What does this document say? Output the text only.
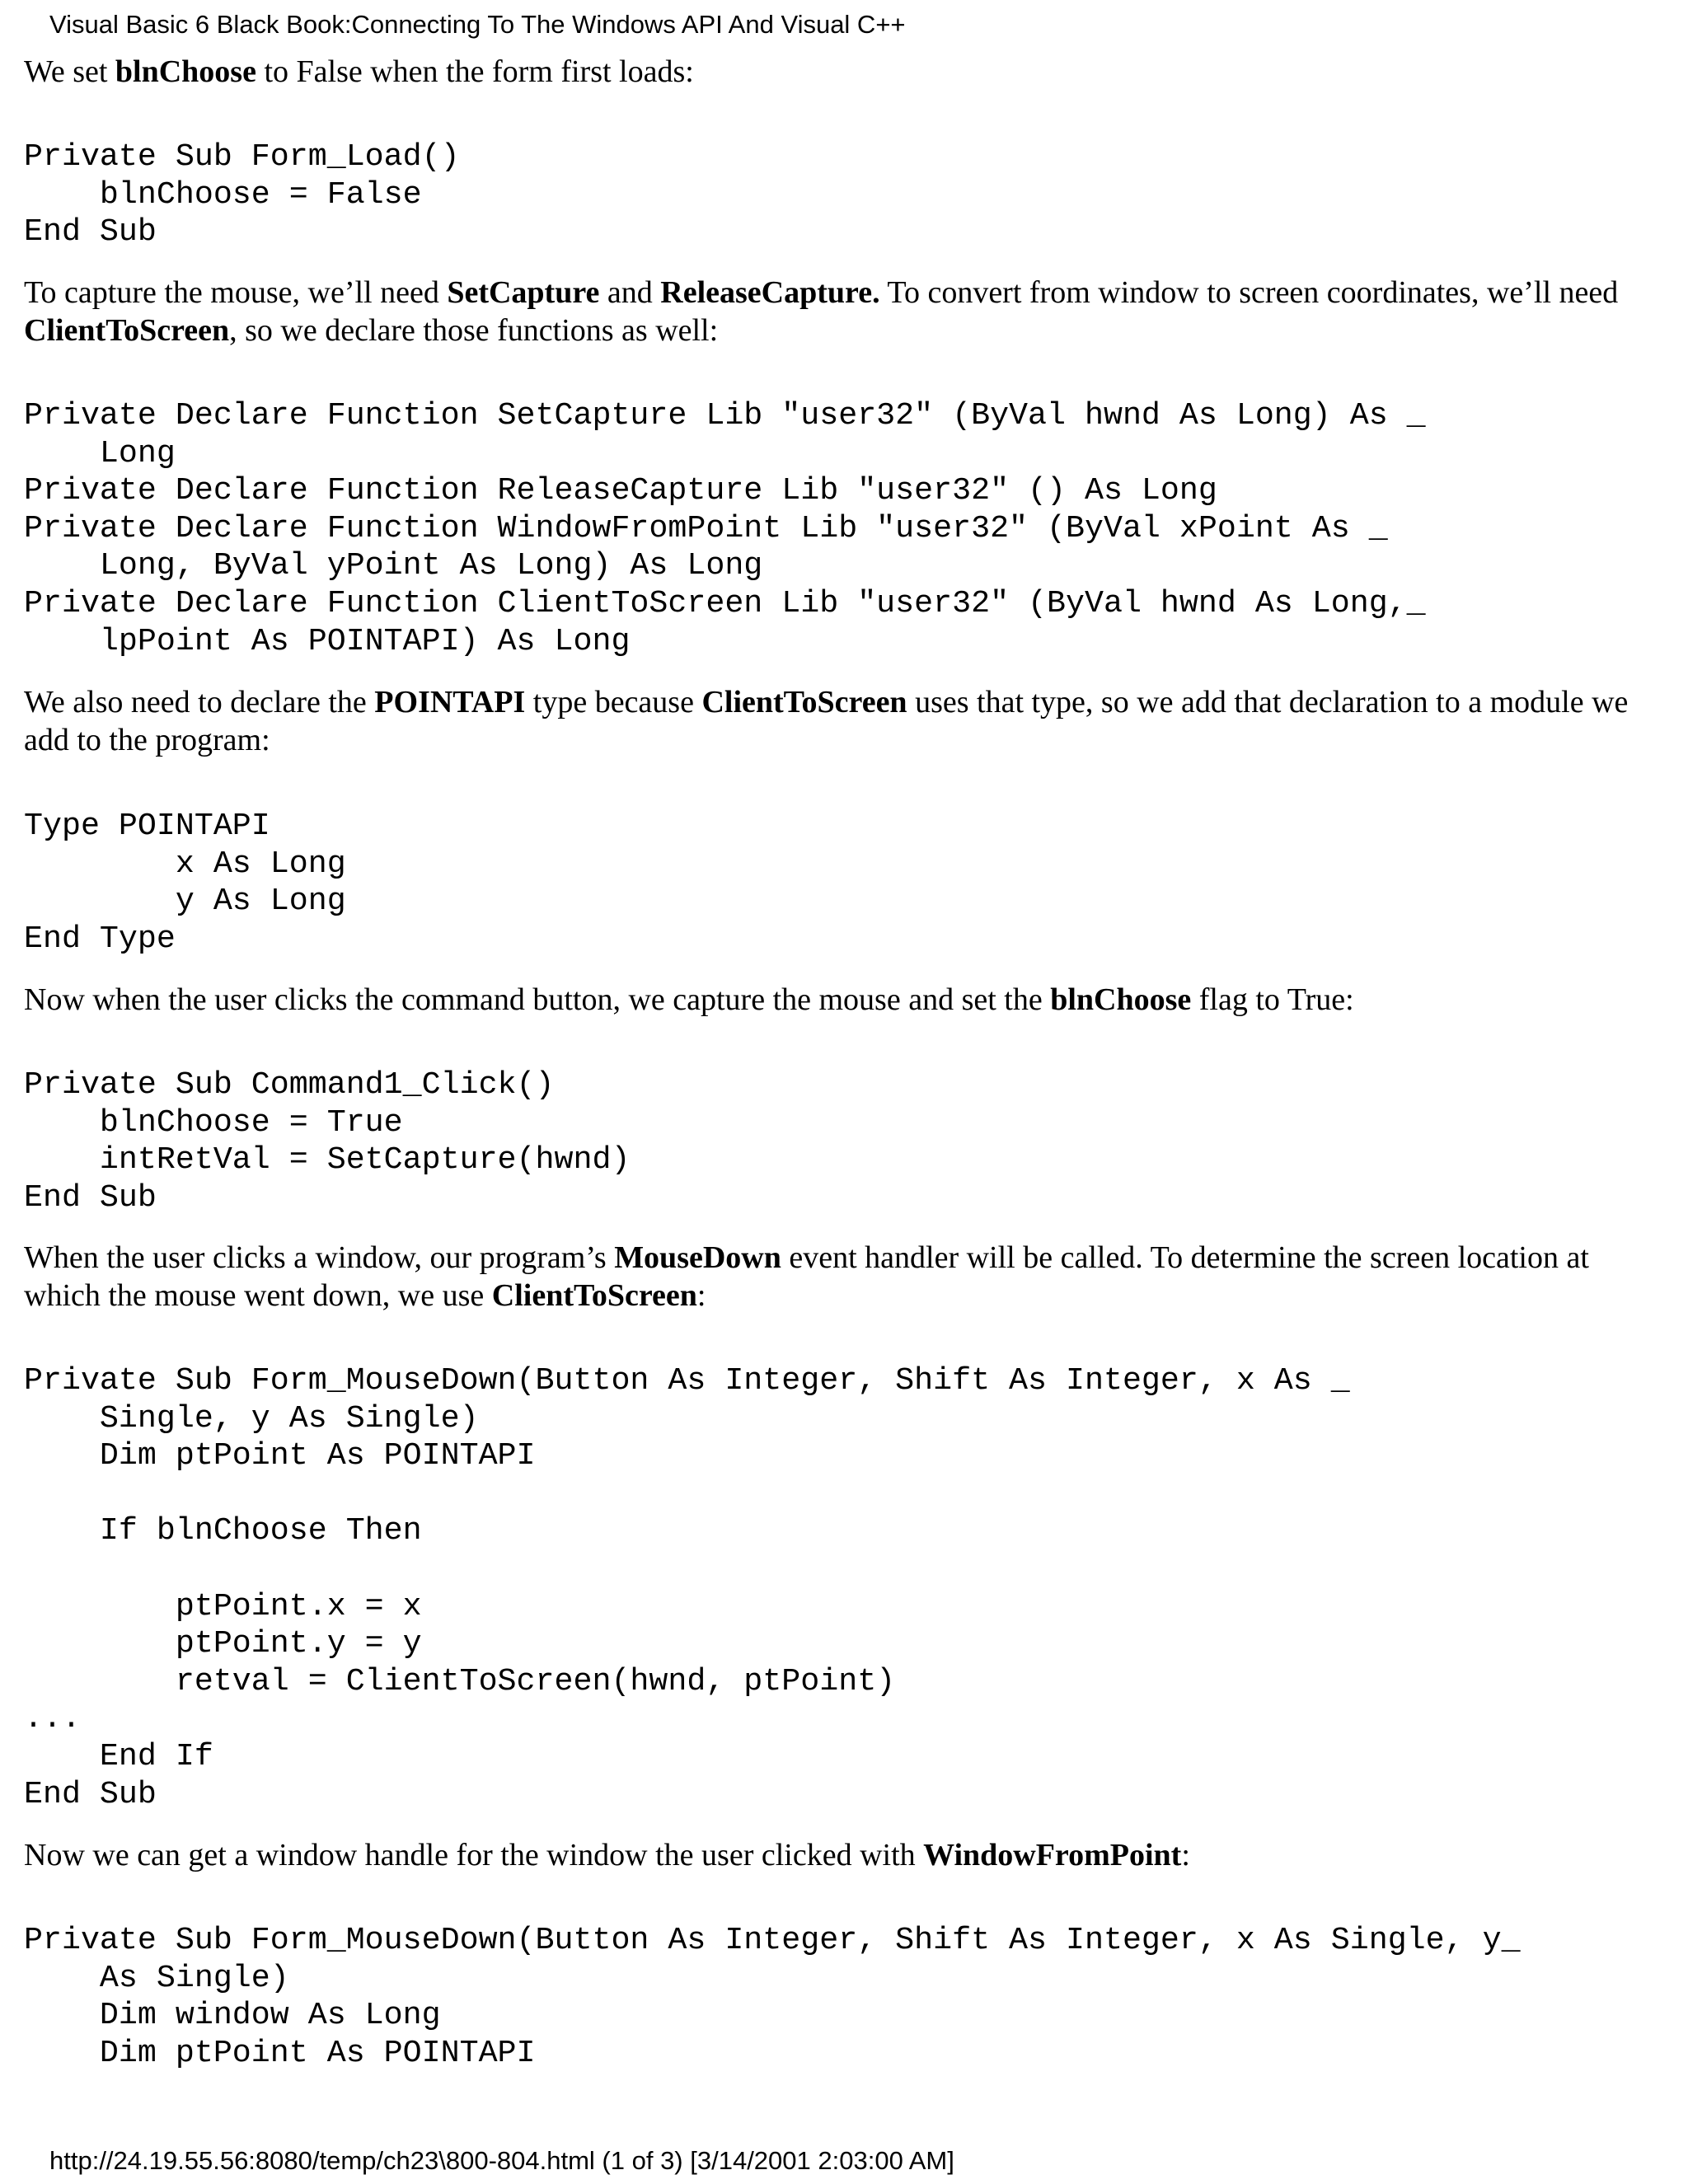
Visual Basic 6 Black Book:Connecting To The Windows API And Visual C++
We set blnChoose to False when the form first loads:
Private Sub Form_Load()
blnChoose = False
End Sub
To capture the mouse, we’ll need SetCapture and ReleaseCapture. To convert from window to screen coordinates, we’ll need ClientToScreen, so we declare those functions as well:
Private Declare Function SetCapture Lib "user32" (ByVal hwnd As Long) As _
Long
Private Declare Function ReleaseCapture Lib "user32" () As Long
Private Declare Function WindowFromPoint Lib "user32" (ByVal xPoint As _
Long, ByVal yPoint As Long) As Long
Private Declare Function ClientToScreen Lib "user32" (ByVal hwnd As Long,_
lpPoint As POINTAPI) As Long
We also need to declare the POINTAPI type because ClientToScreen uses that type, so we add that declaration to a module we add to the program:
Type POINTAPI
x As Long
y As Long
End Type
Now when the user clicks the command button, we capture the mouse and set the blnChoose flag to True:
Private Sub Command1_Click()
blnChoose = True
intRetVal = SetCapture(hwnd)
End Sub
When the user clicks a window, our program’s MouseDown event handler will be called. To determine the screen location at which the mouse went down, we use ClientToScreen:
Private Sub Form_MouseDown(Button As Integer, Shift As Integer, x As _
Single, y As Single)
Dim ptPoint As POINTAPI

If blnChoose Then

ptPoint.x = x
ptPoint.y = y
retval = ClientToScreen(hwnd, ptPoint)
...
End If
End Sub
Now we can get a window handle for the window the user clicked with WindowFromPoint:
Private Sub Form_MouseDown(Button As Integer, Shift As Integer, x As Single, y_
As Single)
Dim window As Long
Dim ptPoint As POINTAPI
http://24.19.55.56:8080/temp/ch23\800-804.html (1 of 3) [3/14/2001 2:03:00 AM]
